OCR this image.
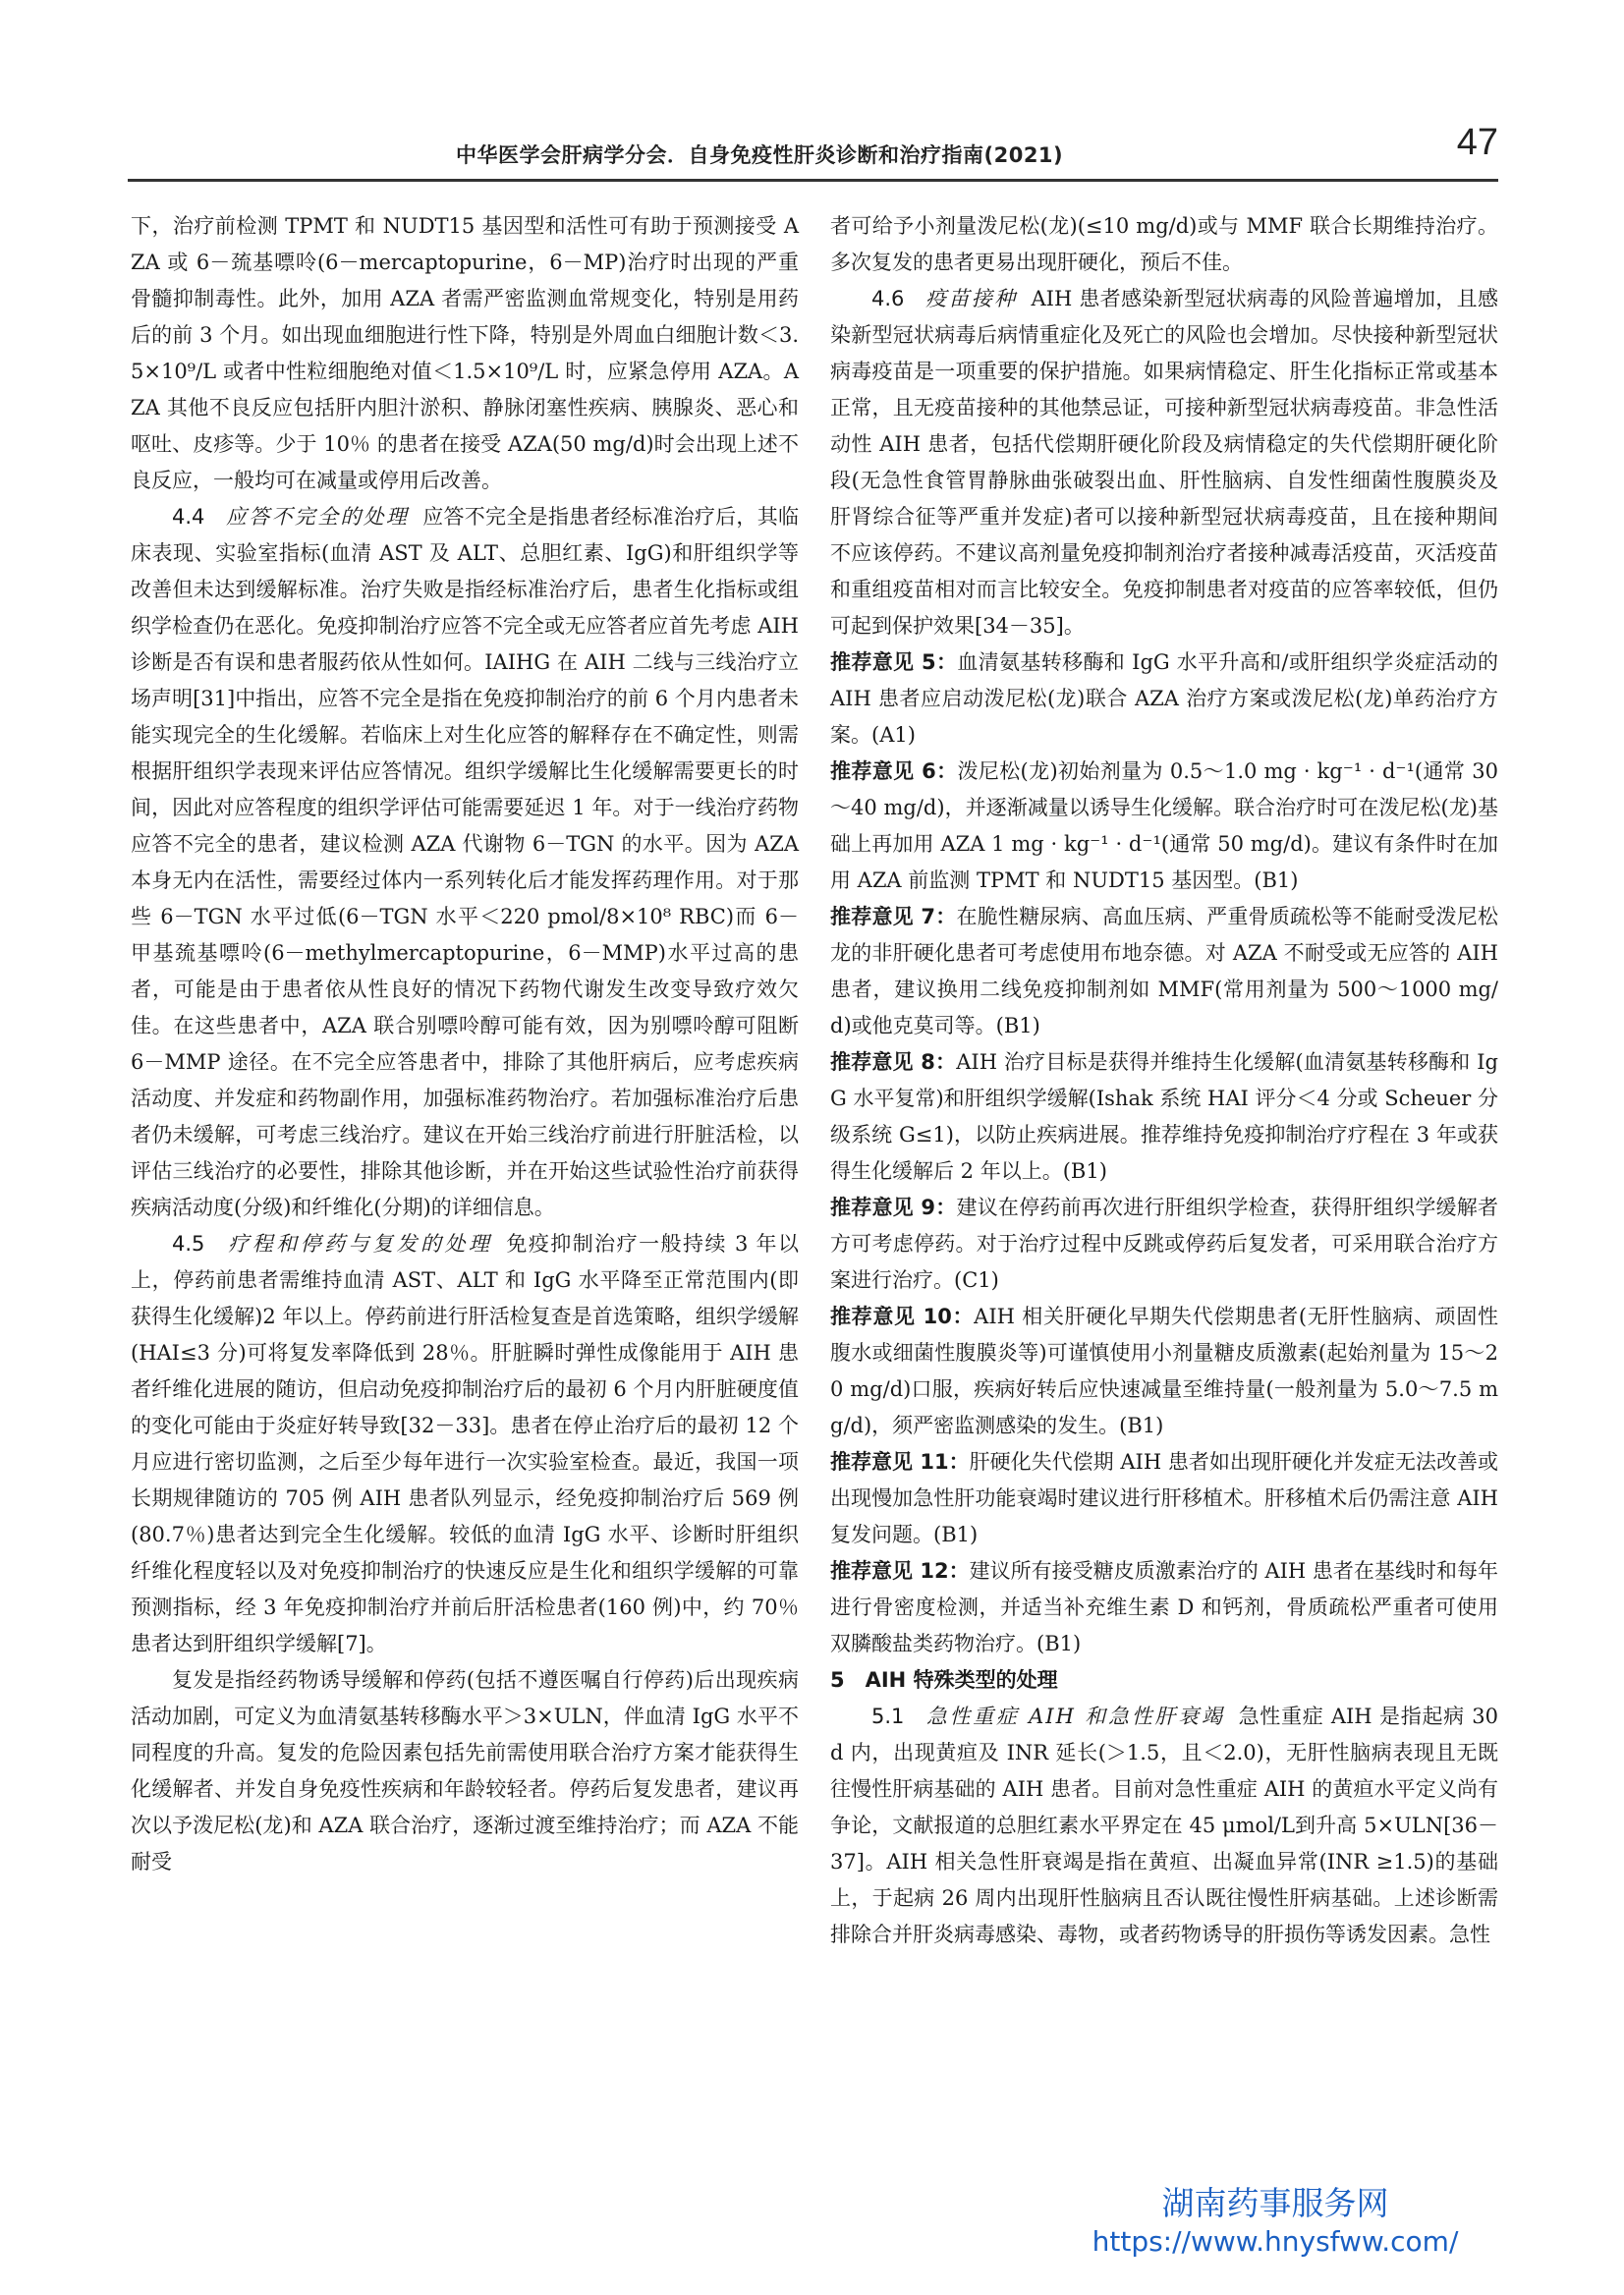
中华医学会肝病学分会．自身免疫性肝炎诊断和治疗指南(2021)	47

下，治疗前检测 TPMT 和 NUDT15 基因型和活性可有助于预测接受 AZA 或 6－巯基嘌呤(6－mercaptopurine，6－MP)治疗时出现的严重骨髓抑制毒性。此外，加用 AZA 者需严密监测血常规变化，特别是用药后的前 3 个月。如出现血细胞进行性下降，特别是外周血白细胞计数＜3.5×10⁹/L 或者中性粒细胞绝对值＜1.5×10⁹/L 时，应紧急停用 AZA。AZA 其他不良反应包括肝内胆汁淤积、静脉闭塞性疾病、胰腺炎、恶心和呕吐、皮疹等。少于 10％ 的患者在接受 AZA(50 mg/d)时会出现上述不良反应，一般均可在减量或停用后改善。

4.4　 应答不完全的处理 应答不完全是指患者经标准治疗后，其临床表现、实验室指标(血清 AST 及 ALT、总胆红素、IgG)和肝组织学等改善但未达到缓解标准。治疗失败是指经标准治疗后，患者生化指标或组织学检查仍在恶化。免疫抑制治疗应答不完全或无应答者应首先考虑 AIH 诊断是否有误和患者服药依从性如何。IAIHG 在 AIH 二线与三线治疗立场声明[31]中指出，应答不完全是指在免疫抑制治疗的前 6 个月内患者未能实现完全的生化缓解。若临床上对生化应答的解释存在不确定性，则需根据肝组织学表现来评估应答情况。组织学缓解比生化缓解需要更长的时间，因此对应答程度的组织学评估可能需要延迟 1 年。对于一线治疗药物应答不完全的患者，建议检测 AZA 代谢物 6－TGN 的水平。因为 AZA 本身无内在活性，需要经过体内一系列转化后才能发挥药理作用。对于那些 6－TGN 水平过低(6－TGN 水平＜220 pmol/8×10⁸ RBC)而 6－甲基巯基嘌呤(6－methylmercaptopurine，6－MMP)水平过高的患者，可能是由于患者依从性良好的情况下药物代谢发生改变导致疗效欠佳。在这些患者中，AZA 联合别嘌呤醇可能有效，因为别嘌呤醇可阻断 6－MMP 途径。在不完全应答患者中，排除了其他肝病后，应考虑疾病活动度、并发症和药物副作用，加强标准药物治疗。若加强标准治疗后患者仍未缓解，可考虑三线治疗。建议在开始三线治疗前进行肝脏活检，以评估三线治疗的必要性，排除其他诊断，并在开始这些试验性治疗前获得疾病活动度(分级)和纤维化(分期)的详细信息。

4.5　 疗程和停药与复发的处理 免疫抑制治疗一般持续 3 年以上，停药前患者需维持血清 AST、ALT 和 IgG 水平降至正常范围内(即获得生化缓解)2 年以上。停药前进行肝活检复查是首选策略，组织学缓解(HAI≤3 分)可将复发率降低到 28％。肝脏瞬时弹性成像能用于 AIH 患者纤维化进展的随访，但启动免疫抑制治疗后的最初 6 个月内肝脏硬度值的变化可能由于炎症好转导致[32－33]。患者在停止治疗后的最初 12 个月应进行密切监测，之后至少每年进行一次实验室检查。最近，我国一项长期规律随访的 705 例 AIH 患者队列显示，经免疫抑制治疗后 569 例(80.7％)患者达到完全生化缓解。较低的血清 IgG 水平、诊断时肝组织纤维化程度轻以及对免疫抑制治疗的快速反应是生化和组织学缓解的可靠预测指标，经 3 年免疫抑制治疗并前后肝活检患者(160 例)中，约 70％ 患者达到肝组织学缓解[7]。

复发是指经药物诱导缓解和停药(包括不遵医嘱自行停药)后出现疾病活动加剧，可定义为血清氨基转移酶水平＞3×ULN，伴血清 IgG 水平不同程度的升高。复发的危险因素包括先前需使用联合治疗方案才能获得生化缓解者、并发自身免疫性疾病和年龄较轻者。停药后复发患者，建议再次以予泼尼松(龙)和 AZA 联合治疗，逐渐过渡至维持治疗；而 AZA 不能耐受

者可给予小剂量泼尼松(龙)(≤10 mg/d)或与 MMF 联合长期维持治疗。多次复发的患者更易出现肝硬化，预后不佳。

4.6　 疫苗接种 AIH 患者感染新型冠状病毒的风险普遍增加，且感染新型冠状病毒后病情重症化及死亡的风险也会增加。尽快接种新型冠状病毒疫苗是一项重要的保护措施。如果病情稳定、肝生化指标正常或基本正常，且无疫苗接种的其他禁忌证，可接种新型冠状病毒疫苗。非急性活动性 AIH 患者，包括代偿期肝硬化阶段及病情稳定的失代偿期肝硬化阶段(无急性食管胃静脉曲张破裂出血、肝性脑病、自发性细菌性腹膜炎及肝肾综合征等严重并发症)者可以接种新型冠状病毒疫苗，且在接种期间不应该停药。不建议高剂量免疫抑制剂治疗者接种减毒活疫苗，灭活疫苗和重组疫苗相对而言比较安全。免疫抑制患者对疫苗的应答率较低，但仍可起到保护效果[34－35]。

推荐意见 5：血清氨基转移酶和 IgG 水平升高和/或肝组织学炎症活动的 AIH 患者应启动泼尼松(龙)联合 AZA 治疗方案或泼尼松(龙)单药治疗方案。(A1)

推荐意见 6：泼尼松(龙)初始剂量为 0.5～1.0 mg · kg⁻¹ · d⁻¹(通常 30～40 mg/d)，并逐渐减量以诱导生化缓解。联合治疗时可在泼尼松(龙)基础上再加用 AZA 1 mg · kg⁻¹ · d⁻¹(通常 50 mg/d)。建议有条件时在加用 AZA 前监测 TPMT 和 NUDT15 基因型。(B1)

推荐意见 7：在脆性糖尿病、高血压病、严重骨质疏松等不能耐受泼尼松龙的非肝硬化患者可考虑使用布地奈德。对 AZA 不耐受或无应答的 AIH 患者，建议换用二线免疫抑制剂如 MMF(常用剂量为 500～1000 mg/d)或他克莫司等。(B1)

推荐意见 8：AIH 治疗目标是获得并维持生化缓解(血清氨基转移酶和 IgG 水平复常)和肝组织学缓解(Ishak 系统 HAI 评分＜4 分或 Scheuer 分级系统 G≤1)，以防止疾病进展。推荐维持免疫抑制治疗疗程在 3 年或获得生化缓解后 2 年以上。(B1)

推荐意见 9：建议在停药前再次进行肝组织学检查，获得肝组织学缓解者方可考虑停药。对于治疗过程中反跳或停药后复发者，可采用联合治疗方案进行治疗。(C1)

推荐意见 10：AIH 相关肝硬化早期失代偿期患者(无肝性脑病、顽固性腹水或细菌性腹膜炎等)可谨慎使用小剂量糖皮质激素(起始剂量为 15～20 mg/d)口服，疾病好转后应快速减量至维持量(一般剂量为 5.0～7.5 mg/d)，须严密监测感染的发生。(B1)

推荐意见 11：肝硬化失代偿期 AIH 患者如出现肝硬化并发症无法改善或出现慢加急性肝功能衰竭时建议进行肝移植术。肝移植术后仍需注意 AIH 复发问题。(B1)

推荐意见 12：建议所有接受糖皮质激素治疗的 AIH 患者在基线时和每年进行骨密度检测，并适当补充维生素 D 和钙剂，骨质疏松严重者可使用双膦酸盐类药物治疗。(B1)

5　AIH 特殊类型的处理

5.1　 急性重症 AIH 和急性肝衰竭 急性重症 AIH 是指起病 30 d 内，出现黄疸及 INR 延长(＞1.5，且＜2.0)，无肝性脑病表现且无既往慢性肝病基础的 AIH 患者。目前对急性重症 AIH 的黄疸水平定义尚有争论，文献报道的总胆红素水平界定在 45 μmol/L到升高 5×ULN[36－37]。AIH 相关急性肝衰竭是指在黄疸、出凝血异常(INR ≥1.5)的基础上，于起病 26 周内出现肝性脑病且否认既往慢性肝病基础。上述诊断需排除合并肝炎病毒感染、毒物，或者药物诱导的肝损伤等诱发因素。急性

湖南药事服务网
https://www.hnysfww.com/
